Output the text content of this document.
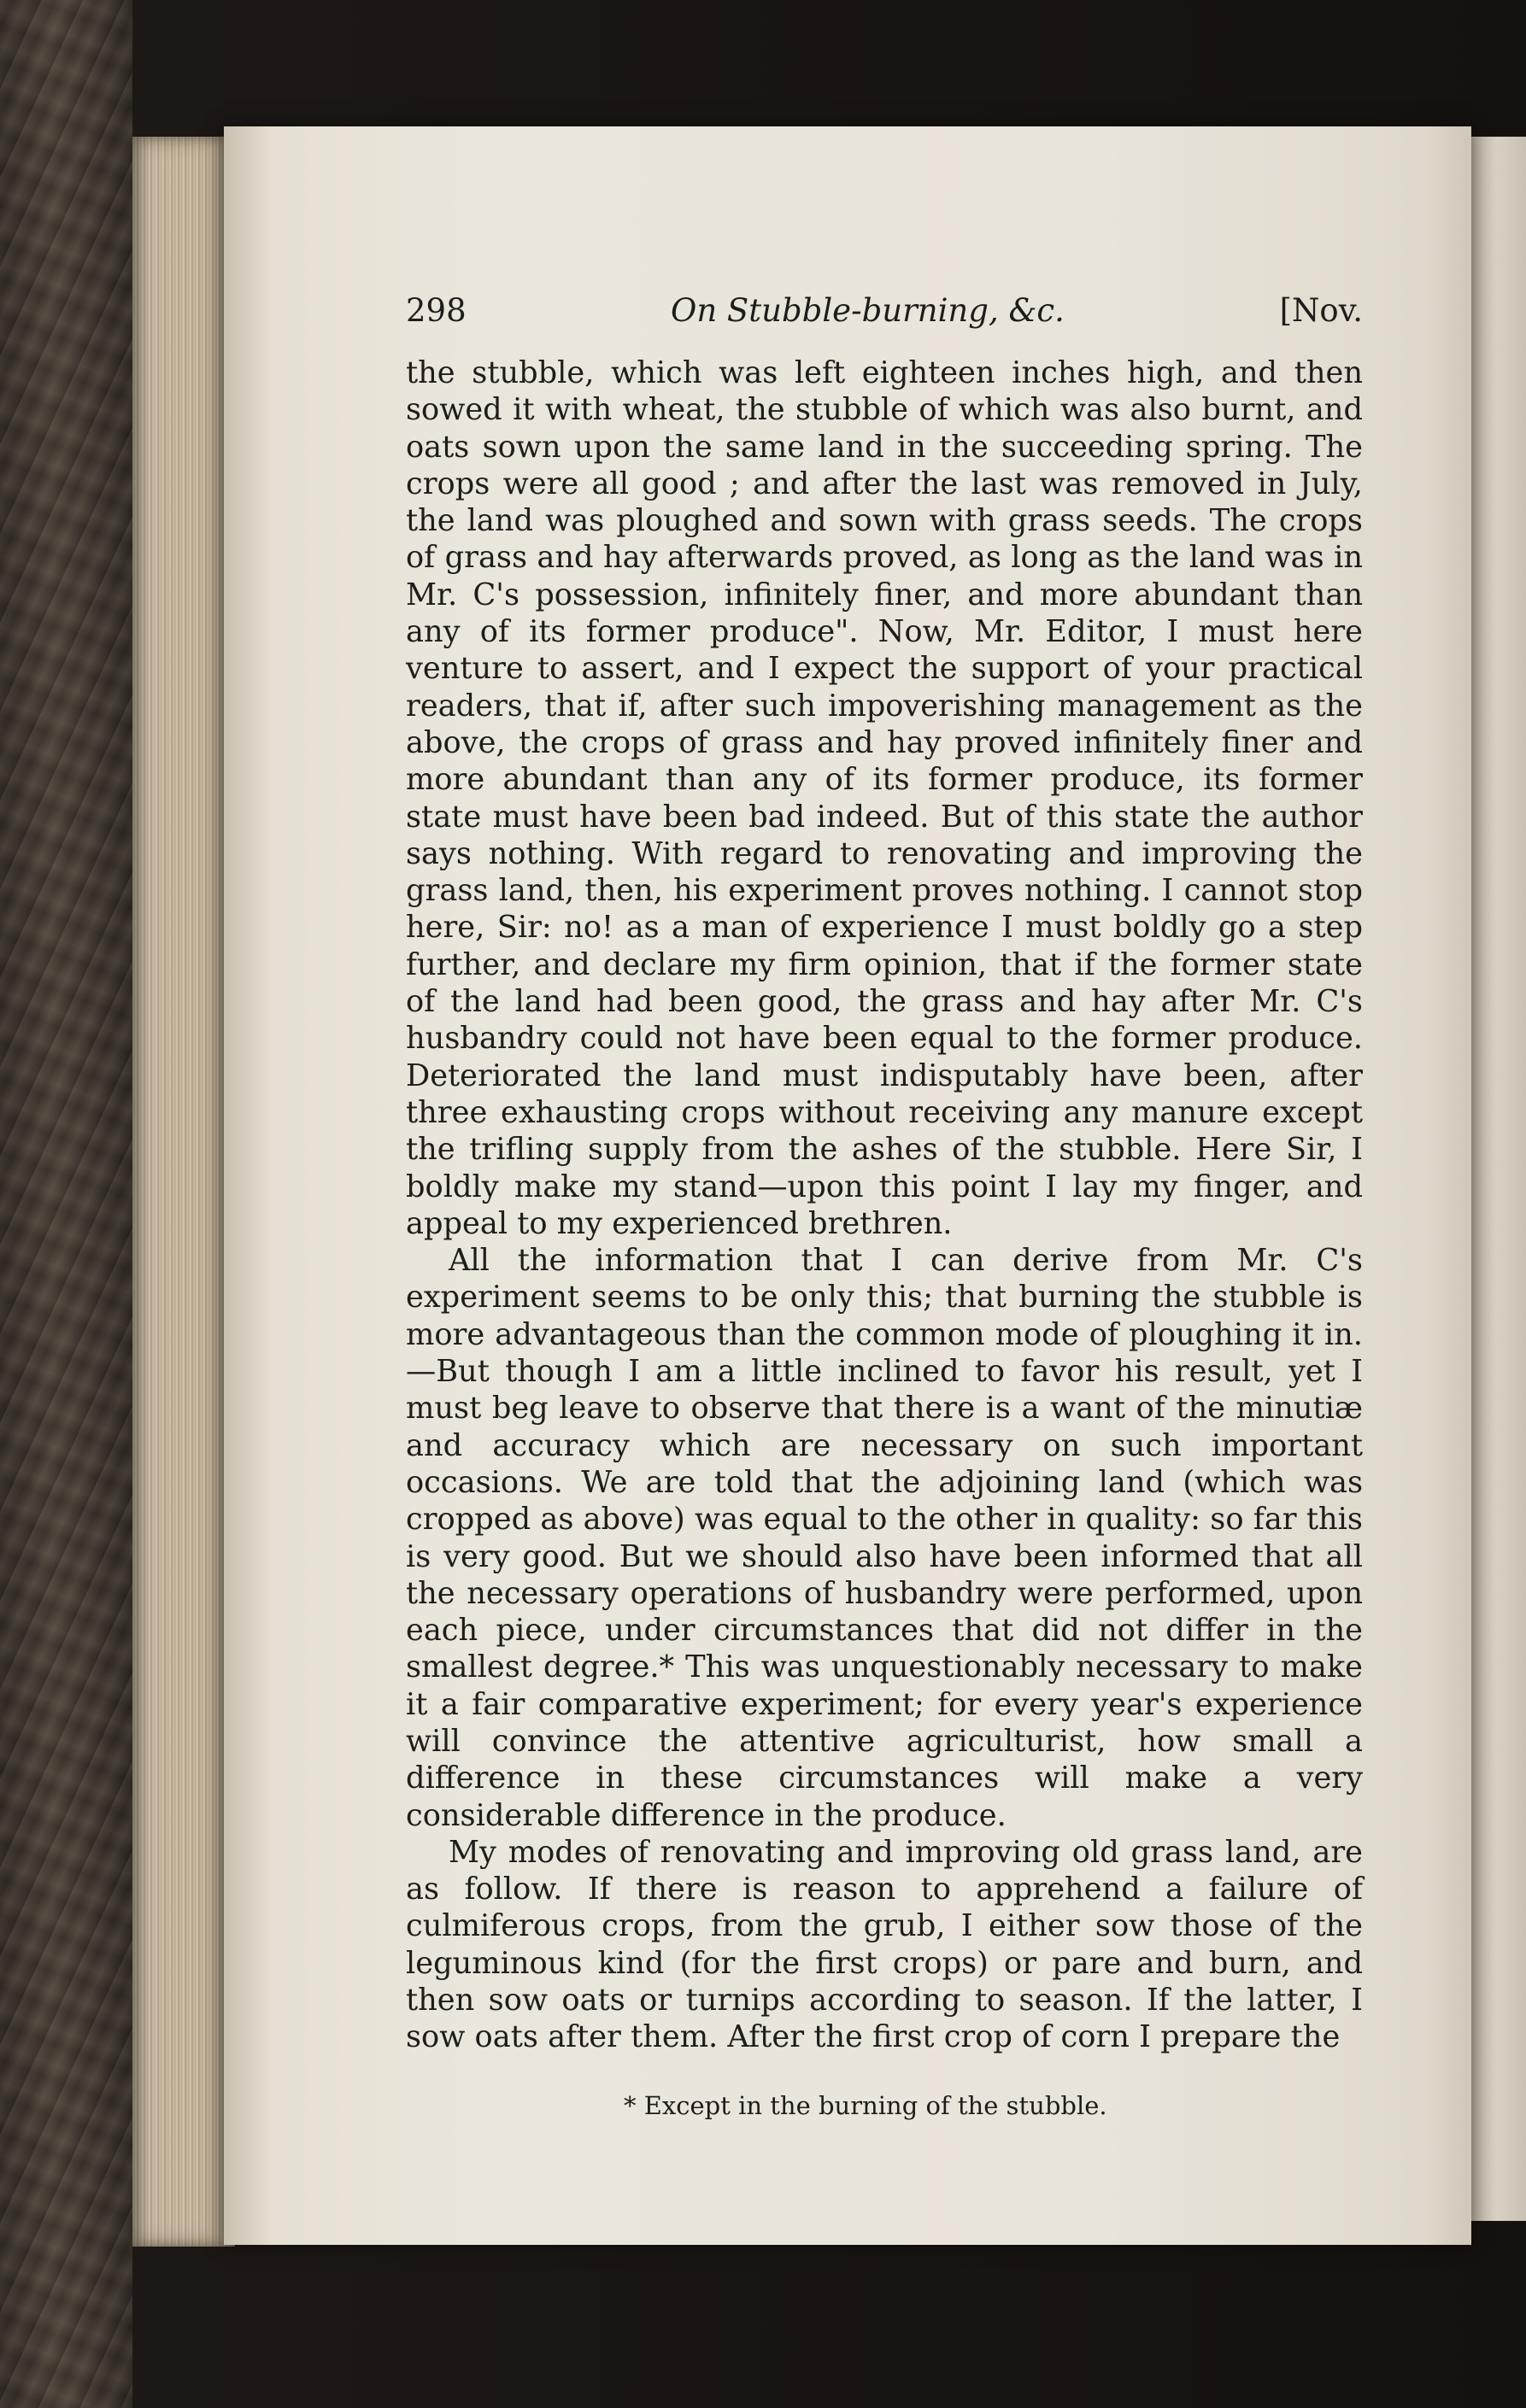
298	On Stubble-burning, &c.	[Nov.

the stubble, which was left eighteen inches high, and then sowed it with wheat, the stubble of which was also burnt, and oats sown upon the same land in the succeeding spring. The crops were all good ; and after the last was removed in July, the land was ploughed and sown with grass seeds. The crops of grass and hay afterwards proved, as long as the land was in Mr. C's possession, infinitely finer, and more abundant than any of its former produce". Now, Mr. Editor, I must here venture to assert, and I expect the support of your practical readers, that if, after such impoverishing management as the above, the crops of grass and hay proved infinitely finer and more abundant than any of its former produce, its former state must have been bad indeed. But of this state the author says nothing. With regard to renovating and improving the grass land, then, his experiment proves nothing. I cannot stop here, Sir: no! as a man of experience I must boldly go a step further, and declare my firm opinion, that if the former state of the land had been good, the grass and hay after Mr. C's husbandry could not have been equal to the former produce. Deteriorated the land must indisputably have been, after three exhausting crops without receiving any manure except the trifling supply from the ashes of the stubble. Here Sir, I boldly make my stand—upon this point I lay my finger, and appeal to my experienced brethren.

All the information that I can derive from Mr. C's experiment seems to be only this; that burning the stubble is more advantageous than the common mode of ploughing it in.—But though I am a little inclined to favor his result, yet I must beg leave to observe that there is a want of the minutiæ and accuracy which are necessary on such important occasions. We are told that the adjoining land (which was cropped as above) was equal to the other in quality: so far this is very good. But we should also have been informed that all the necessary operations of husbandry were performed, upon each piece, under circumstances that did not differ in the smallest degree.* This was unquestionably necessary to make it a fair comparative experiment; for every year's experience will convince the attentive agriculturist, how small a difference in these circumstances will make a very considerable difference in the produce.

My modes of renovating and improving old grass land, are as follow. If there is reason to apprehend a failure of culmiferous crops, from the grub, I either sow those of the leguminous kind (for the first crops) or pare and burn, and then sow oats or turnips according to season. If the latter, I sow oats after them. After the first crop of corn I prepare the

* Except in the burning of the stubble.
